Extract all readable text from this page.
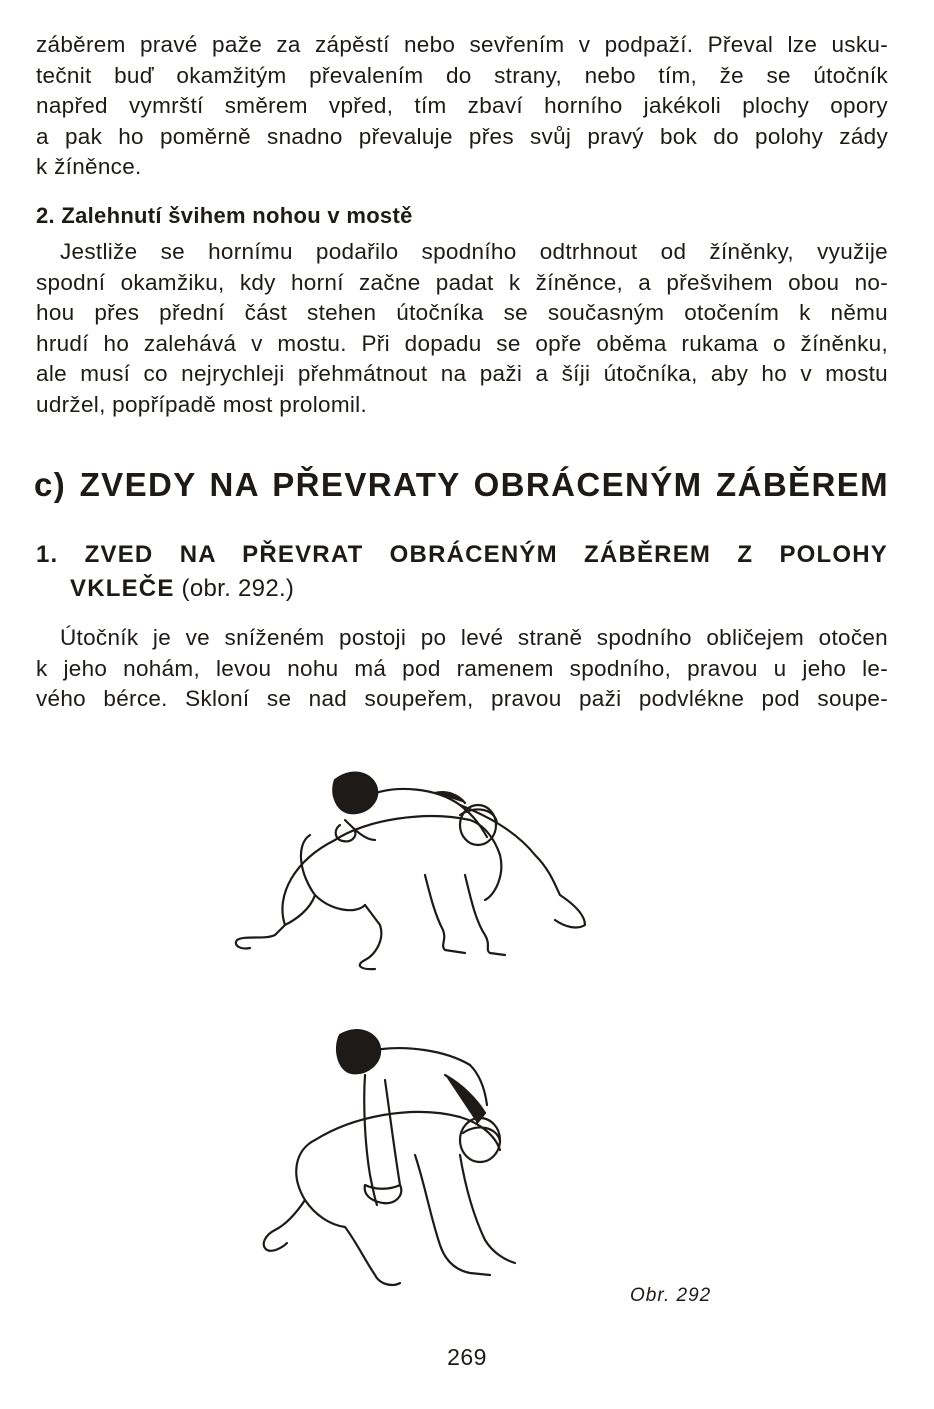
záběrem pravé paže za zápěstí nebo sevřením v podpaží. Převal lze usku-
tečnit buď okamžitým převalením do strany, nebo tím, že se útočník
napřed vymrští směrem vpřed, tím zbaví horního jakékoli plochy opory
a pak ho poměrně snadno převaluje přes svůj pravý bok do polohy zády
k žíněnce.
2. Zalehnutí švihem nohou v mostě
Jestliže se hornímu podařilo spodního odtrhnout od žíněnky, využije
spodní okamžiku, kdy horní začne padat k žíněnce, a přešvihem obou no-
hou přes přední část stehen útočníka se současným otočením k němu
hrudí ho zalehává v mostu. Při dopadu se opře oběma rukama o žíněnku,
ale musí co nejrychleji přehmátnout na paži a šíji útočníka, aby ho v mostu
udržel, popřípadě most prolomil.
c) ZVEDY NA PŘEVRATY OBRÁCENÝM ZÁBĚREM
1. ZVED NA PŘEVRAT OBRÁCENÝM ZÁBĚREM Z POLOHY
VKLEČE (obr. 292.)
Útočník je ve sníženém postoji po levé straně spodního obličejem otočen
k jeho nohám, levou nohu má pod ramenem spodního, pravou u jeho le-
vého bérce. Skloní se nad soupeřem, pravou paži podvlékne pod soupe-
Obr. 292
269
